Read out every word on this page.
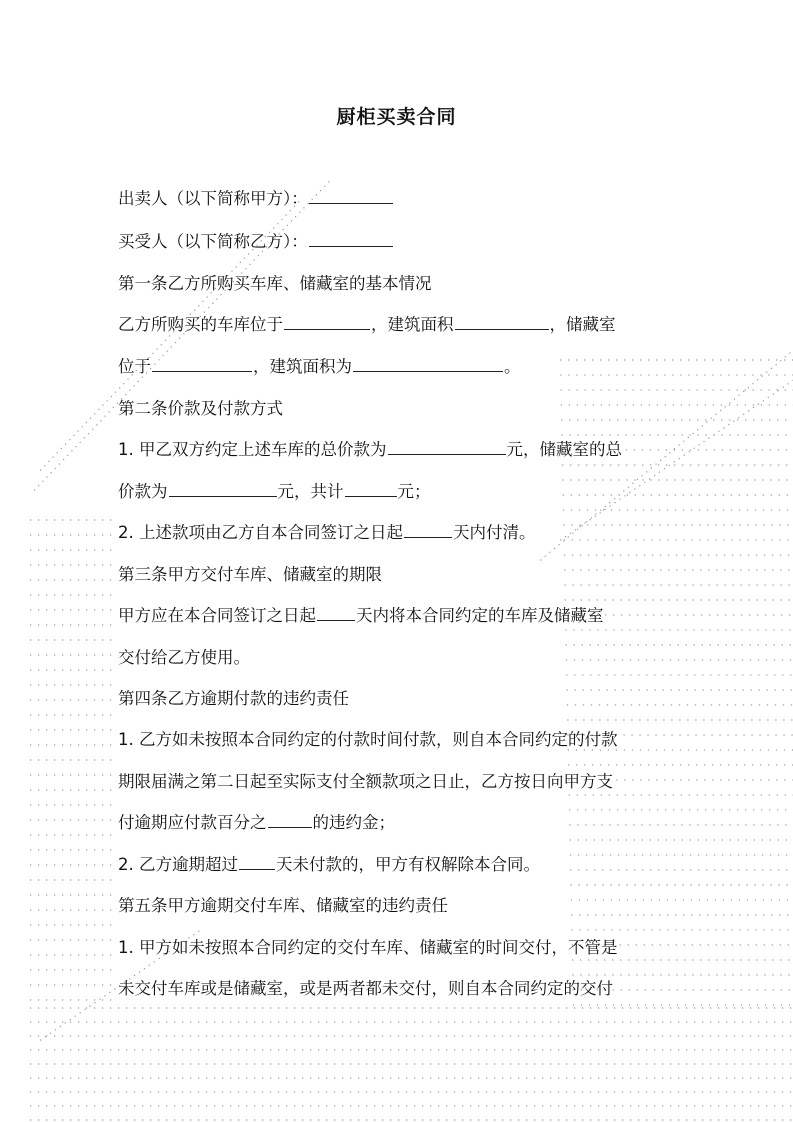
厨柜买卖合同
出卖人（以下简称甲方）：
买受人（以下简称乙方）：
第一条乙方所购买车库、储藏室的基本情况
乙方所购买的车库位于	，建筑面积	，储藏室
位于	，建筑面积为	。
第二条价款及付款方式
1. 甲乙双方约定上述车库的总价款为	元，储藏室的总
价款为	元，共计	元；
2. 上述款项由乙方自本合同签订之日起	天内付清。
第三条甲方交付车库、储藏室的期限
甲方应在本合同签订之日起 天内将本合同约定的车库及储藏室
交付给乙方使用。
第四条乙方逾期付款的违约责任
1. 乙方如未按照本合同约定的付款时间付款，则自本合同约定的付款
期限届满之第二日起至实际支付全额款项之日止，乙方按日向甲方支
付逾期应付款百分之	的违约金；
2. 乙方逾期超过 天未付款的，甲方有权解除本合同。
第五条甲方逾期交付车库、储藏室的违约责任
1. 甲方如未按照本合同约定的交付车库、储藏室的时间交付，不管是
未交付车库或是储藏室，或是两者都未交付，则自本合同约定的交付
